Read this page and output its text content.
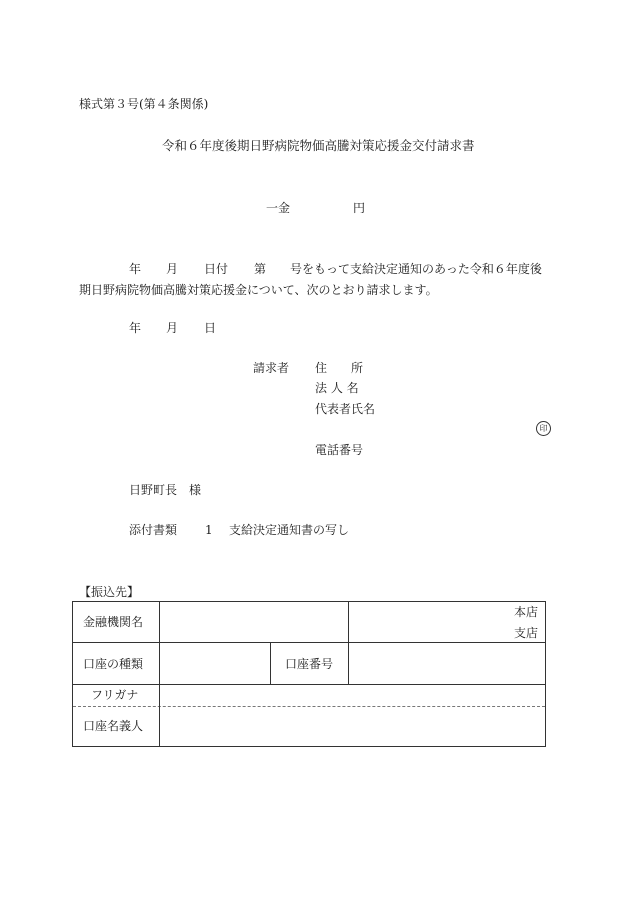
様式第３号(第４条関係)
令和６年度後期日野病院物価高騰対策応援金交付請求書
一金	円
年 月 日付 第 号をもって支給決定通知のあった令和６年度後
期日野病院物価高騰対策応援金について、次のとおり請求します。
年 月 日
請求者 住　　所
法 人 名
代表者氏名
印
電話番号
日野町長　様
添付書類 1 支給決定通知書の写し
【振込先】
金融機関名
本店
支店
口座の種類	口座番号
フリガナ
口座名義人
